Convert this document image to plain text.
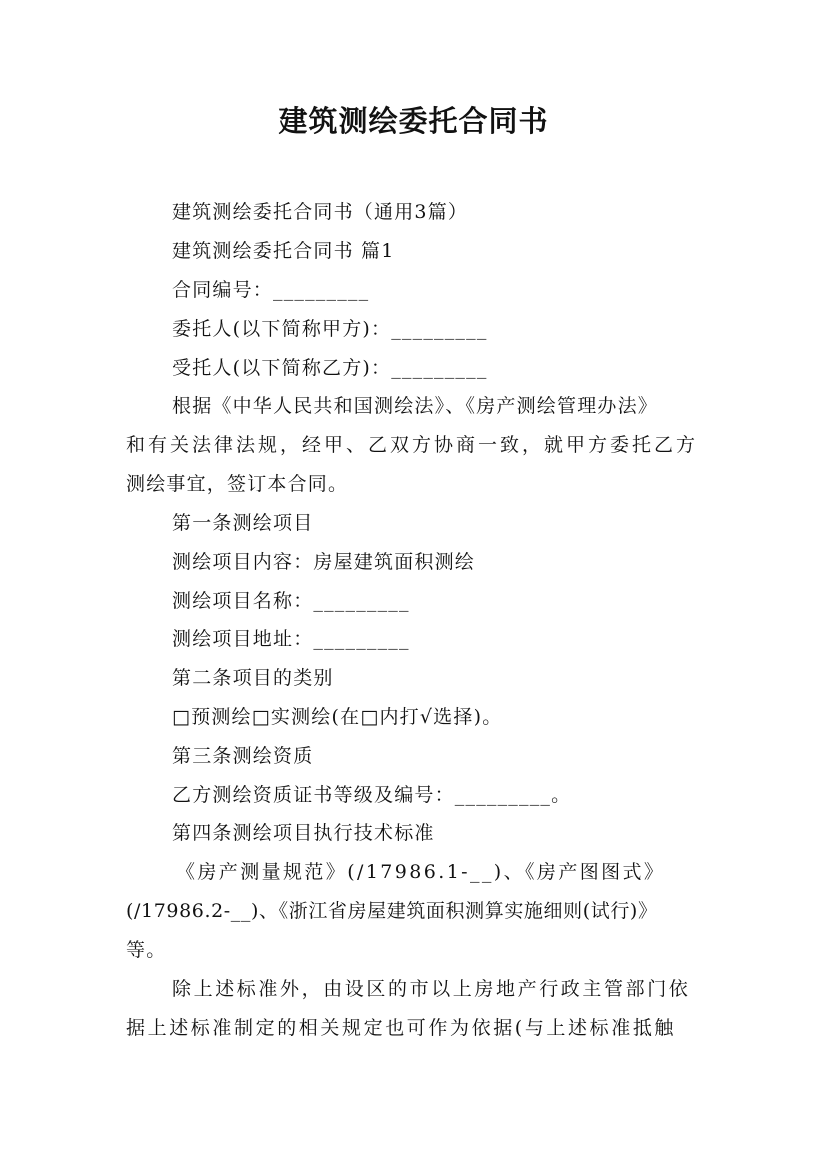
建筑测绘委托合同书
建筑测绘委托合同书（通用3篇）
建筑测绘委托合同书 篇1
合同编号：_________
委托人(以下简称甲方)：_________
受托人(以下简称乙方)：_________
根据《中华人民共和国测绘法》、《房产测绘管理办法》
和有关法律法规，经甲、乙双方协商一致，就甲方委托乙方
测绘事宜，签订本合同。
第一条测绘项目
测绘项目内容：房屋建筑面积测绘
测绘项目名称：_________
测绘项目地址：_________
第二条项目的类别
□预测绘□实测绘(在□内打√选择)。
第三条测绘资质
乙方测绘资质证书等级及编号：_________。
第四条测绘项目执行技术标准
《房产测量规范》(/17986.1-__)、《房产图图式》
(/17986.2-__)、《浙江省房屋建筑面积测算实施细则(试行)》
等。
除上述标准外，由设区的市以上房地产行政主管部门依
据上述标准制定的相关规定也可作为依据(与上述标准抵触
